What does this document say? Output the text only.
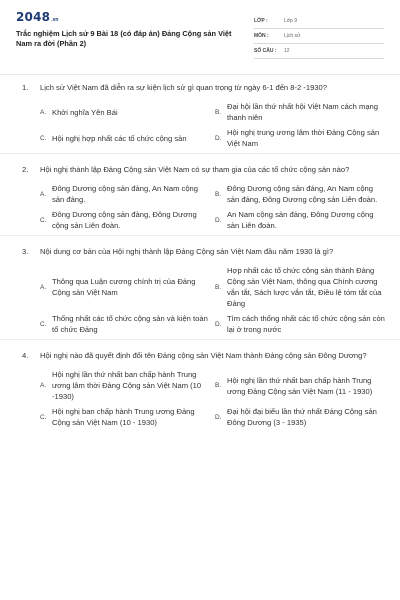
2048 .vn
Trắc nghiệm Lịch sử 9 Bài 18 (có đáp án) Đảng Cộng sản Việt Nam ra đời (Phần 2)
LỚP :	Lớp 9
MÔN :	Lịch sử
SỐ CÂU :	12
1.	Lịch sử Việt Nam đã diễn ra sự kiện lịch sử gì quan trọng từ ngày 6-1 đến 8-2 -1930?
A. Khởi nghĩa Yên Bái	B.
Đại hội lần thứ nhất hội Việt Nam cách mạng thanh niên
C. Hội nghị hợp nhất các tổ chức cộng sản	D.
Hội nghị trung ương lâm thời Đảng Cộng sản Việt Nam
2.	Hội nghị thành lập Đảng Cộng sản Việt Nam có sự tham gia của các tổ chức cộng sản nào?
A.
Đông Dương cộng sản đảng, An Nam cộng sản đảng.
B.
Đông Dương cộng sản đảng, An Nam cộng sản đảng, Đông Dương cộng sản Liên đoàn.
C.
Đông Dương cộng sản đảng, Đông Dương cộng sản Liên đoàn.
D.
An Nam cộng sản đảng, Đông Dương cộng sản Liên đoàn.
3.	Nội dung cơ bản của Hội nghị thành lập Đảng Cộng sản Việt Nam đầu năm 1930 là gì?
A.
Thông qua Luận cương chính trị của Đảng Cộng sản Việt Nam
B.
Hợp nhất các tổ chức cộng sản thành Đảng Cộng sản Việt Nam, thông qua Chính cương vắn tắt, Sách lược vắn tắt, Điều lệ tóm tắt của Đảng
C.
Thống nhất các tổ chức cộng sản và kiện toàn tổ chức Đảng
D.
Tìm cách thống nhất các tổ chức cộng sản còn lại ở trong nước
4.	Hội nghị nào đã quyết định đổi tên Đảng cộng sản Việt Nam thành Đảng cộng sản Đông Dương?
A.
Hội nghị lần thứ nhất ban chấp hành Trung ương lâm thời Đảng Cộng sản Việt Nam (10 -1930)
B.
Hội nghị lần thứ nhất ban chấp hành Trung ương Đảng Cộng sản Việt Nam (11 - 1930)
C.
Hội nghị ban chấp hành Trung ương Đảng Cộng sản Việt Nam (10 - 1930)
D.
Đại hội đại biểu lần thứ nhất Đảng Cộng sản Đông Dương (3 - 1935)
